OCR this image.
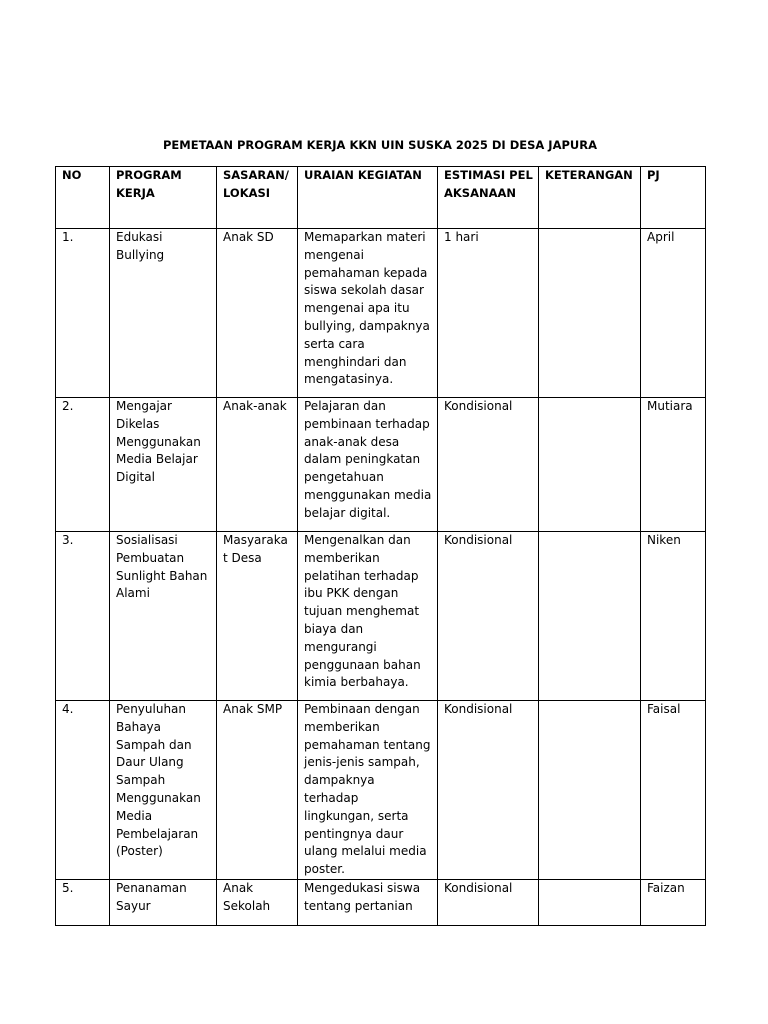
PEMETAAN PROGRAM KERJA KKN UIN SUSKA 2025 DI DESA JAPURA
NO	PROGRAM KERJA	SASARAN/ LOKASI	URAIAN KEGIATAN	ESTIMASI PELAKSANAAN	KETERANGAN	PJ
1.	Edukasi Bullying	Anak SD	Memaparkan materi mengenai pemahaman kepada siswa sekolah dasar mengenai apa itu bullying, dampaknya serta cara menghindari dan mengatasinya.	1 hari		April
2.	Mengajar Dikelas Menggunakan Media Belajar Digital	Anak-anak	Pelajaran dan pembinaan terhadap anak-anak desa dalam peningkatan pengetahuan menggunakan media belajar digital.	Kondisional		Mutiara
3.	Sosialisasi Pembuatan Sunlight Bahan Alami	Masyarakat Desa	Mengenalkan dan memberikan pelatihan terhadap ibu PKK dengan tujuan menghemat biaya dan mengurangi penggunaan bahan kimia berbahaya.	Kondisional		Niken
4.	Penyuluhan Bahaya Sampah dan Daur Ulang Sampah Menggunakan Media Pembelajaran (Poster)	Anak SMP	Pembinaan dengan memberikan pemahaman tentang jenis-jenis sampah, dampaknya terhadap lingkungan, serta pentingnya daur ulang melalui media poster.	Kondisional		Faisal
5.	Penanaman Sayur	Anak Sekolah	Mengedukasi siswa tentang pertanian	Kondisional		Faizan
